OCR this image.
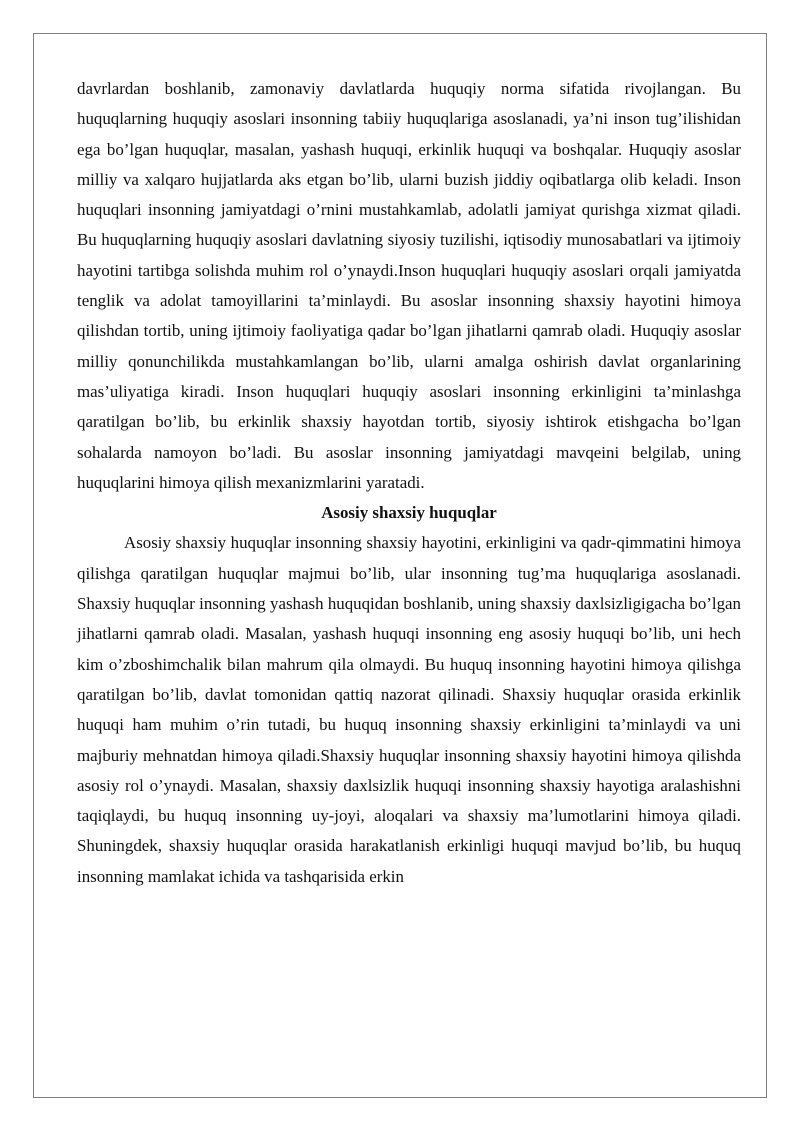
davrlardan boshlanib, zamonaviy davlatlarda huquqiy norma sifatida rivojlangan. Bu huquqlarning huquqiy asoslari insonning tabiiy huquqlariga asoslanadi, ya’ni inson tug’ilishidan ega bo’lgan huquqlar, masalan, yashash huquqi, erkinlik huquqi va boshqalar. Huquqiy asoslar milliy va xalqaro hujjatlarda aks etgan bo’lib, ularni buzish jiddiy oqibatlarga olib keladi. Inson huquqlari insonning jamiyatdagi o’rnini mustahkamlab, adolatli jamiyat qurishga xizmat qiladi. Bu huquqlarning huquqiy asoslari davlatning siyosiy tuzilishi, iqtisodiy munosabatlari va ijtimoiy hayotini tartibga solishda muhim rol o’ynaydi.Inson huquqlari huquqiy asoslari orqali jamiyatda tenglik va adolat tamoyillarini ta’minlaydi. Bu asoslar insonning shaxsiy hayotini himoya qilishdan tortib, uning ijtimoiy faoliyatiga qadar bo’lgan jihatlarni qamrab oladi. Huquqiy asoslar milliy qonunchilikda mustahkamlangan bo’lib, ularni amalga oshirish davlat organlarining mas’uliyatiga kiradi. Inson huquqlari huquqiy asoslari insonning erkinligini ta’minlashga qaratilgan bo’lib, bu erkinlik shaxsiy hayotdan tortib, siyosiy ishtirok etishgacha bo’lgan sohalarda namoyon bo’ladi. Bu asoslar insonning jamiyatdagi mavqeini belgilab, uning huquqlarini himoya qilish mexanizmlarini yaratadi.

Asosiy shaxsiy huquqlar

Asosiy shaxsiy huquqlar insonning shaxsiy hayotini, erkinligini va qadr-qimmatini himoya qilishga qaratilgan huquqlar majmui bo’lib, ular insonning tug’ma huquqlariga asoslanadi. Shaxsiy huquqlar insonning yashash huquqidan boshlanib, uning shaxsiy daxlsizligigacha bo’lgan jihatlarni qamrab oladi. Masalan, yashash huquqi insonning eng asosiy huquqi bo’lib, uni hech kim o’zboshimchalik bilan mahrum qila olmaydi. Bu huquq insonning hayotini himoya qilishga qaratilgan bo’lib, davlat tomonidan qattiq nazorat qilinadi. Shaxsiy huquqlar orasida erkinlik huquqi ham muhim o’rin tutadi, bu huquq insonning shaxsiy erkinligini ta’minlaydi va uni majburiy mehnatdan himoya qiladi.Shaxsiy huquqlar insonning shaxsiy hayotini himoya qilishda asosiy rol o’ynaydi. Masalan, shaxsiy daxlsizlik huquqi insonning shaxsiy hayotiga aralashishni taqiqlaydi, bu huquq insonning uy-joyi, aloqalari va shaxsiy ma’lumotlarini himoya qiladi. Shuningdek, shaxsiy huquqlar orasida harakatlanish erkinligi huquqi mavjud bo’lib, bu huquq insonning mamlakat ichida va tashqarisida erkin
